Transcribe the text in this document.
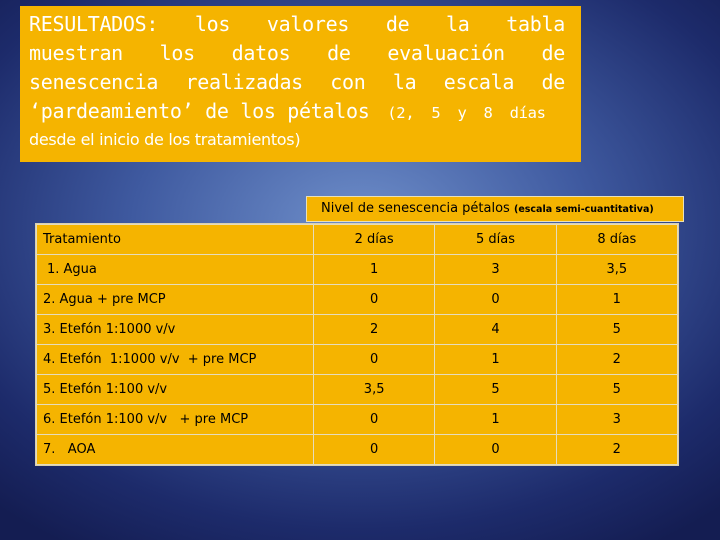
RESULTADOS: los valores de la tabla
muestran los datos de evaluación de
senescencia realizadas con la escala de
‘pardeamiento’ de los pétalos (2, 5 y 8 días
desde el inicio de los tratamientos)
Nivel de senescencia pétalos (escala semi-cuantitativa)
Tratamiento	2 días	5 días	8 días
1. Agua	1	3	3,5
2. Agua + pre MCP	0	0	1
3. Etefón 1:1000 v/v	2	4	5
4. Etefón  1:1000 v/v  + pre MCP	0	1	2
5. Etefón 1:100 v/v	3,5	5	5
6. Etefón 1:100 v/v   + pre MCP	0	1	3
7.   AOA	0	0	2
